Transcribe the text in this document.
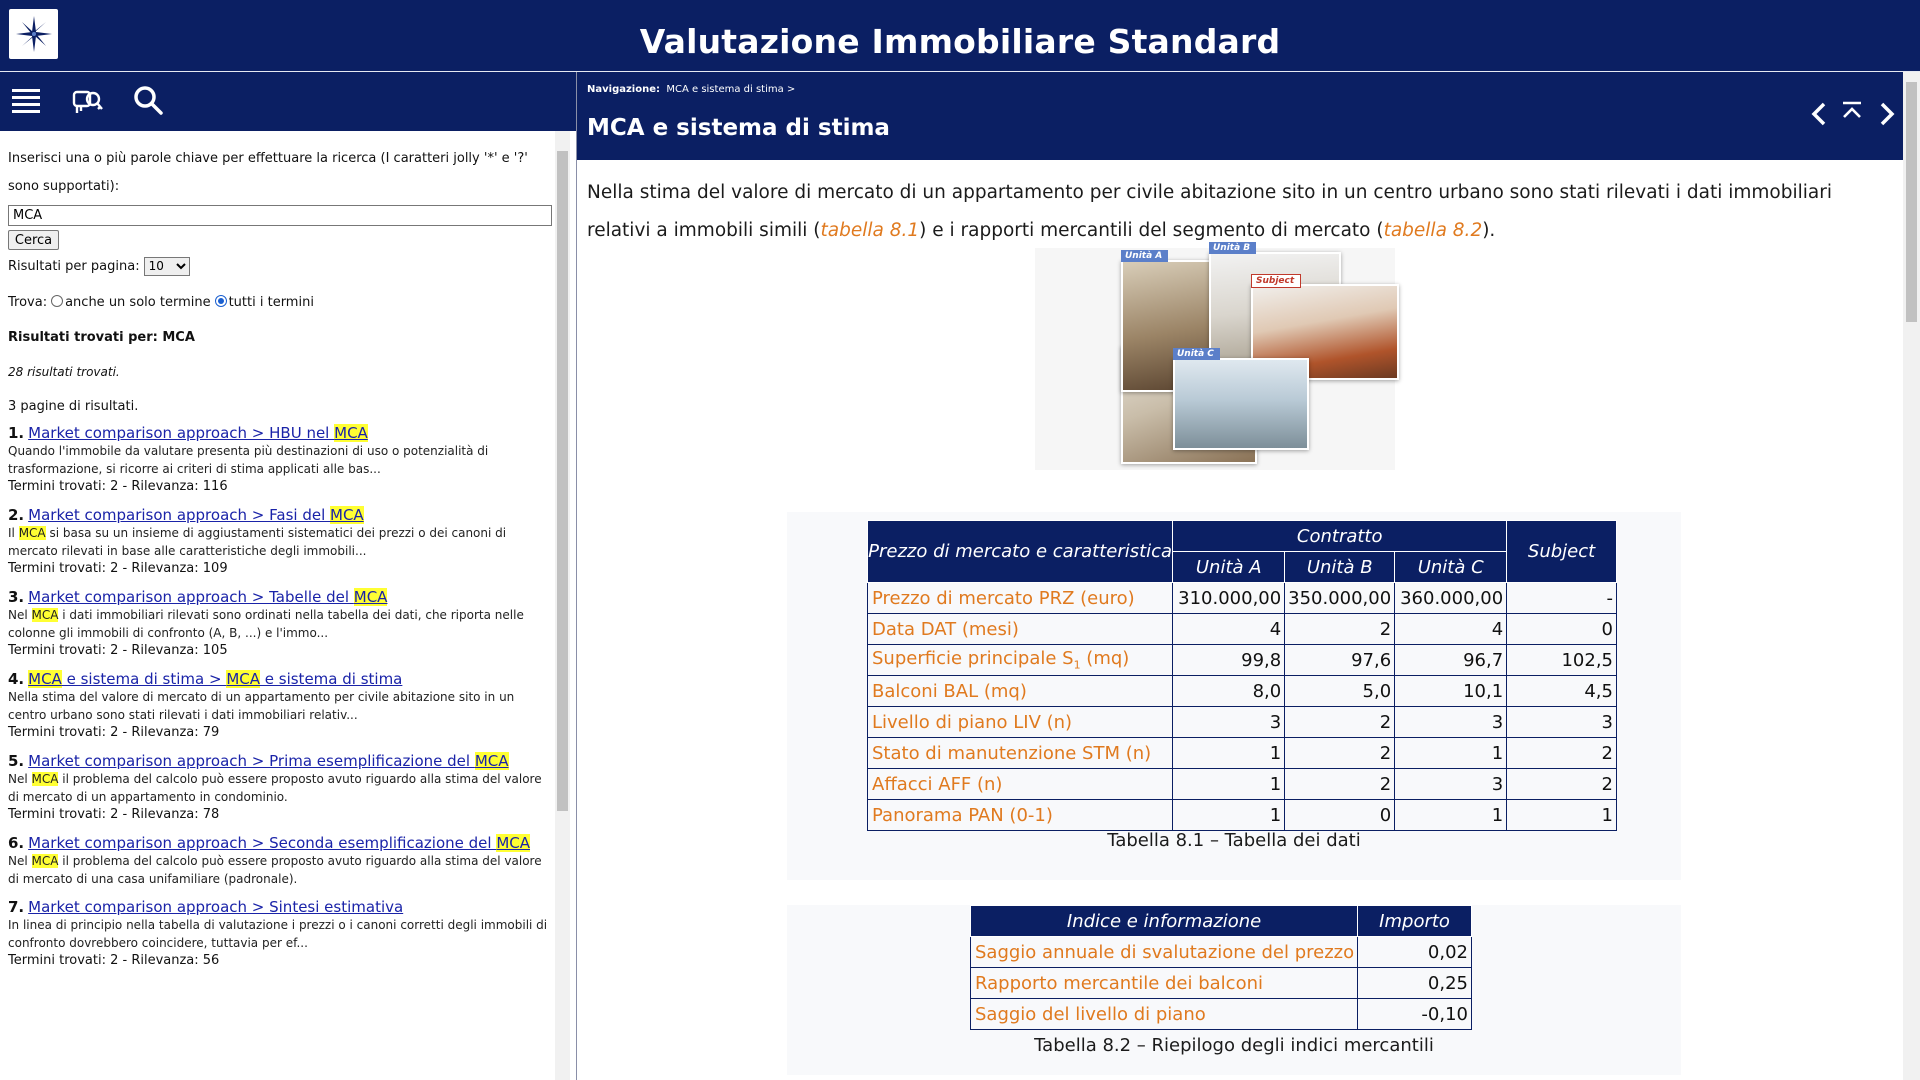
Valutazione Immobiliare Standard
Inserisci una o più parole chiave per effettuare la ricerca (I caratteri jolly '*' e '?' sono supportati):
MCA
Cerca
Risultati per pagina:
10
Trova: anche un solo termine tutti i termini
Risultati trovati per: MCA
28 risultati trovati.
3 pagine di risultati.
1. Market comparison approach > HBU nel MCA
Quando l'immobile da valutare presenta più destinazioni di uso o potenzialità di trasformazione, si ricorre ai criteri di stima applicati alle bas...
Termini trovati: 2 - Rilevanza: 116
2. Market comparison approach > Fasi del MCA
Il MCA si basa su un insieme di aggiustamenti sistematici dei prezzi o dei canoni di mercato rilevati in base alle caratteristiche degli immobili...
Termini trovati: 2 - Rilevanza: 109
3. Market comparison approach > Tabelle del MCA
Nel MCA i dati immobiliari rilevati sono ordinati nella tabella dei dati, che riporta nelle colonne gli immobili di confronto (A, B, ...) e l'immo...
Termini trovati: 2 - Rilevanza: 105
4. MCA e sistema di stima > MCA e sistema di stima
Nella stima del valore di mercato di un appartamento per civile abitazione sito in un centro urbano sono stati rilevati i dati immobiliari relativ...
Termini trovati: 2 - Rilevanza: 79
5. Market comparison approach > Prima esemplificazione del MCA
Nel MCA il problema del calcolo può essere proposto avuto riguardo alla stima del valore di mercato di un appartamento in condominio.
Termini trovati: 2 - Rilevanza: 78
6. Market comparison approach > Seconda esemplificazione del MCA
Nel MCA il problema del calcolo può essere proposto avuto riguardo alla stima del valore di mercato di una casa unifamiliare (padronale).
7. Market comparison approach > Sintesi estimativa
In linea di principio nella tabella di valutazione i prezzi o i canoni corretti degli immobili di confronto dovrebbero coincidere, tuttavia per ef...
Termini trovati: 2 - Rilevanza: 56
Navigazione: MCA e sistema di stima >
MCA e sistema di stima
Nella stima del valore di mercato di un appartamento per civile abitazione sito in un centro urbano sono stati rilevati i dati immobiliari relativi a immobili simili (tabella 8.1) e i rapporti mercantili del segmento di mercato (tabella 8.2).
Unità A
Unità B
Subject
Unità C
Prezzo di mercato e caratteristica	Contratto			Subject
	Unità A	Unità B	Unità C	
Prezzo di mercato PRZ (euro)	310.000,00	350.000,00	360.000,00	-
Data DAT (mesi)	4	2	4	0
Superficie principale $S_1$ (mq)	99,8	97,6	96,7	102,5
Balconi BAL (mq)	8,0	5,0	10,1	4,5
Livello di piano LIV (n)	3	2	3	3
Stato di manutenzione STM (n)	1	2	1	2
Affacci AFF (n)	1	2	3	2
Panorama PAN (0-1)	1	0	1	1
Tabella 8.1 – Tabella dei dati
Indice e informazione	Importo
Saggio annuale di svalutazione del prezzo	0,02
Rapporto mercantile dei balconi	0,25
Saggio del livello di piano	-0,10
Tabella 8.2 – Riepilogo degli indici mercantili
